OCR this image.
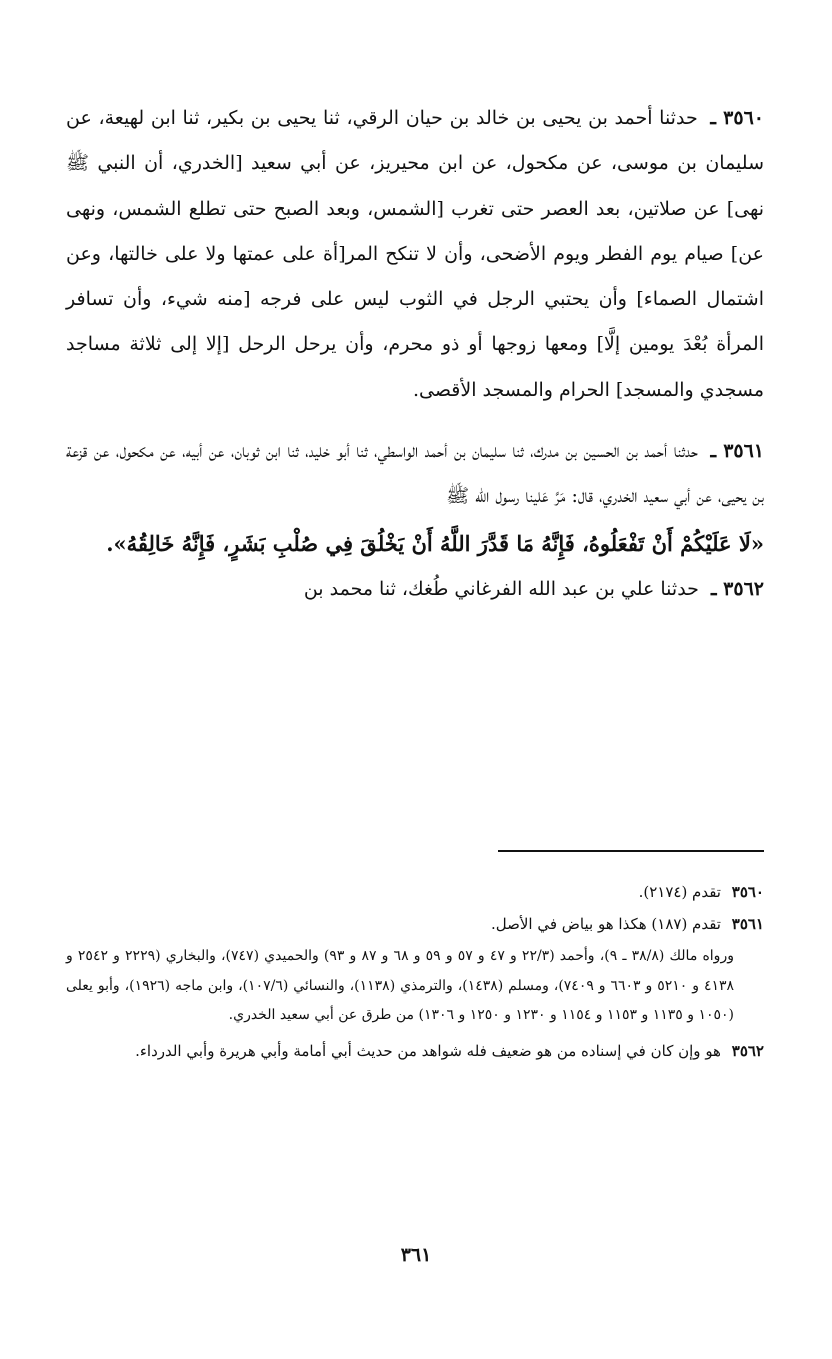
٣٥٦٠ ـ حدثنا أحمد بن يحيى بن خالد بن حيان الرقي، ثنا يحيى بن بكير، ثنا ابن لهيعة، عن سليمان بن موسى، عن مكحول، عن ابن محيريز، عن أبي سعيد [الخدري، أن النبي ﷺ نهى] عن صلاتين، بعد العصر حتى تغرب [الشمس، وبعد الصبح حتى تطلع الشمس، ونهى عن] صيام يوم الفطر ويوم الأضحى، وأن لا تنكح المر[أة على عمتها ولا على خالتها، وعن اشتمال الصماء] وأن يحتبي الرجل في الثوب ليس على فرجه [منه شيء، وأن تسافر المرأة بُعْدَ يومين إلَّا] ومعها زوجها أو ذو محرم، وأن يرحل الرحل [إلا إلى ثلاثة مساجد مسجدي والمسجد] الحرام والمسجد الأقصى.

٣٥٦١ ـ حدثنا أحمد بن الحسين بن مدرك، ثنا سليمان بن أحمد الواسطي، ثنا أبو خليد، ثنا ابن ثوبان، عن أبيه، عن مكحول، عن قزعة بن يحيى، عن أبي سعيد الخدري، قال: مَرَّ عَلينا رسول الله ﷺ

«لَا عَلَيْكُمْ أَنْ تَفْعَلُوهُ، فَإِنَّهُ مَا قَدَّرَ اللَّهُ أَنْ يَخْلُقَ فِي صُلْبِ بَشَرٍ، فَإِنَّهُ خَالِقُهُ».

٣٥٦٢ ـ حدثنا علي بن عبد الله الفرغاني طُغك، ثنا محمد بن

٣٥٦٠ تقدم (٢١٧٤).

٣٥٦١ تقدم (١٨٧) هكذا هو بياض في الأصل.

ورواه مالك (٣٨/٨ ـ ٩)، وأحمد (٢٢/٣ و ٤٧ و ٥٧ و ٥٩ و ٦٨ و ٨٧ و ٩٣) والحميدي (٧٤٧)، والبخاري (٢٢٢٩ و ٢٥٤٢ و ٤١٣٨ و ٥٢١٠ و ٦٦٠٣ و ٧٤٠٩)، ومسلم (١٤٣٨)، والترمذي (١١٣٨)، والنسائي (١٠٧/٦)، وابن ماجه (١٩٢٦)، وأبو يعلى (١٠٥٠ و ١١٣٥ و ١١٥٣ و ١١٥٤ و ١٢٣٠ و ١٢٥٠ و ١٣٠٦) من طرق عن أبي سعيد الخدري.

٣٥٦٢ هو وإن كان في إسناده من هو ضعيف فله شواهد من حديث أبي أمامة وأبي هريرة وأبي الدرداء.

٣٦١
